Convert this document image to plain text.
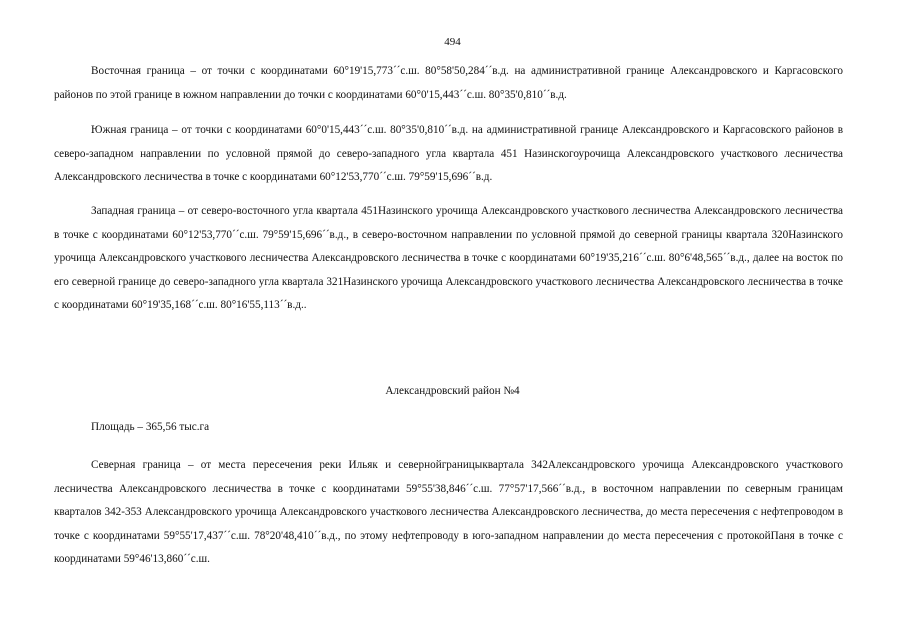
494

Восточная граница – от точки с координатами 60°19'15,773´´с.ш. 80°58'50,284´´в.д. на административной границе Александровского и Каргасовского районов по этой границе в южном направлении до точки с координатами 60°0'15,443´´с.ш. 80°35'0,810´´в.д.

Южная граница – от точки с координатами 60°0'15,443´´с.ш. 80°35'0,810´´в.д. на административной границе Александровского и Каргасовского районов в северо-западном направлении по условной прямой до северо-западного угла квартала 451 Назинскогоурочища Александровского участкового лесничества Александровского лесничества в точке с координатами 60°12'53,770´´с.ш. 79°59'15,696´´в.д.

Западная граница – от северо-восточного угла квартала 451Назинского урочища Александровского участкового лесничества Александровского лесничества в точке с координатами 60°12'53,770´´с.ш. 79°59'15,696´´в.д., в северо-восточном направлении по условной прямой до северной границы квартала 320Назинского урочища Александровского участкового лесничества Александровского лесничества в точке с координатами 60°19'35,216´´с.ш. 80°6'48,565´´в.д., далее на восток по его северной границе до северо-западного угла квартала 321Назинского урочища Александровского участкового лесничества Александровского лесничества в точке с координатами 60°19'35,168´´с.ш. 80°16'55,113´´в.д..

Александровский район №4
Площадь – 365,56 тыс.га

Северная граница – от места пересечения реки Ильяк и севернойграницыквартала 342Александровского урочища Александровского участкового лесничества Александровского лесничества в точке с координатами 59°55'38,846´´с.ш. 77°57'17,566´´в.д., в восточном направлении по северным границам кварталов 342-353 Александровского урочища Александровского участкового лесничества Александровского лесничества, до места пересечения с нефтепроводом в точке с координатами 59°55'17,437´´с.ш. 78°20'48,410´´в.д., по этому нефтепроводу в юго-западном направлении до места пересечения с протокойПаня в точке с координатами 59°46'13,860´´с.ш.
